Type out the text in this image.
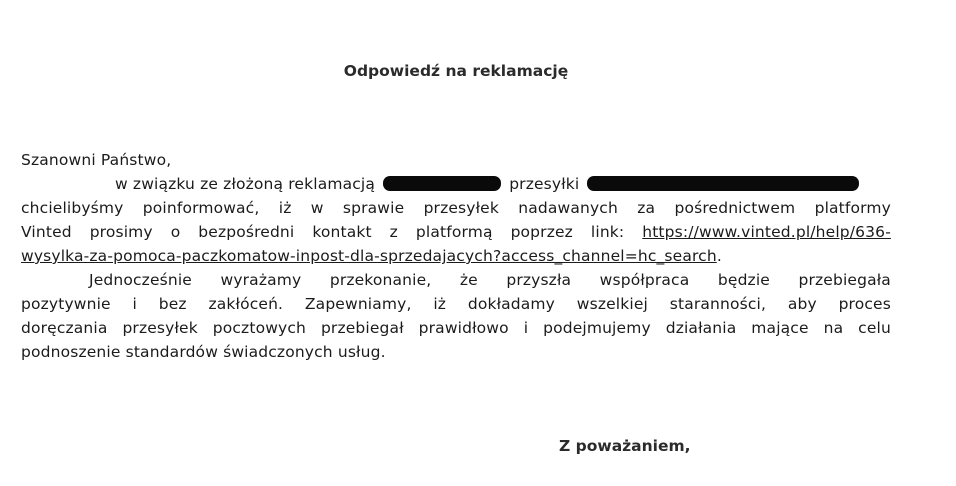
Odpowiedź na reklamację
Szanowni Państwo,
w związku ze złożoną reklamacją	przesyłki
chcielibyśmy poinformować, iż w sprawie przesyłek nadawanych za pośrednictwem platformy
Vinted prosimy o bezpośredni kontakt z platformą poprzez link: https://www.vinted.pl/help/636-
wysylka-za-pomoca-paczkomatow-inpost-dla-sprzedajacych?access_channel=hc_search.
Jednocześnie wyrażamy przekonanie, że przyszła współpraca będzie przebiegała
pozytywnie i bez zakłóceń. Zapewniamy, iż dokładamy wszelkiej staranności, aby proces
doręczania przesyłek pocztowych przebiegał prawidłowo i podejmujemy działania mające na celu
podnoszenie standardów świadczonych usług.
Z poważaniem,
